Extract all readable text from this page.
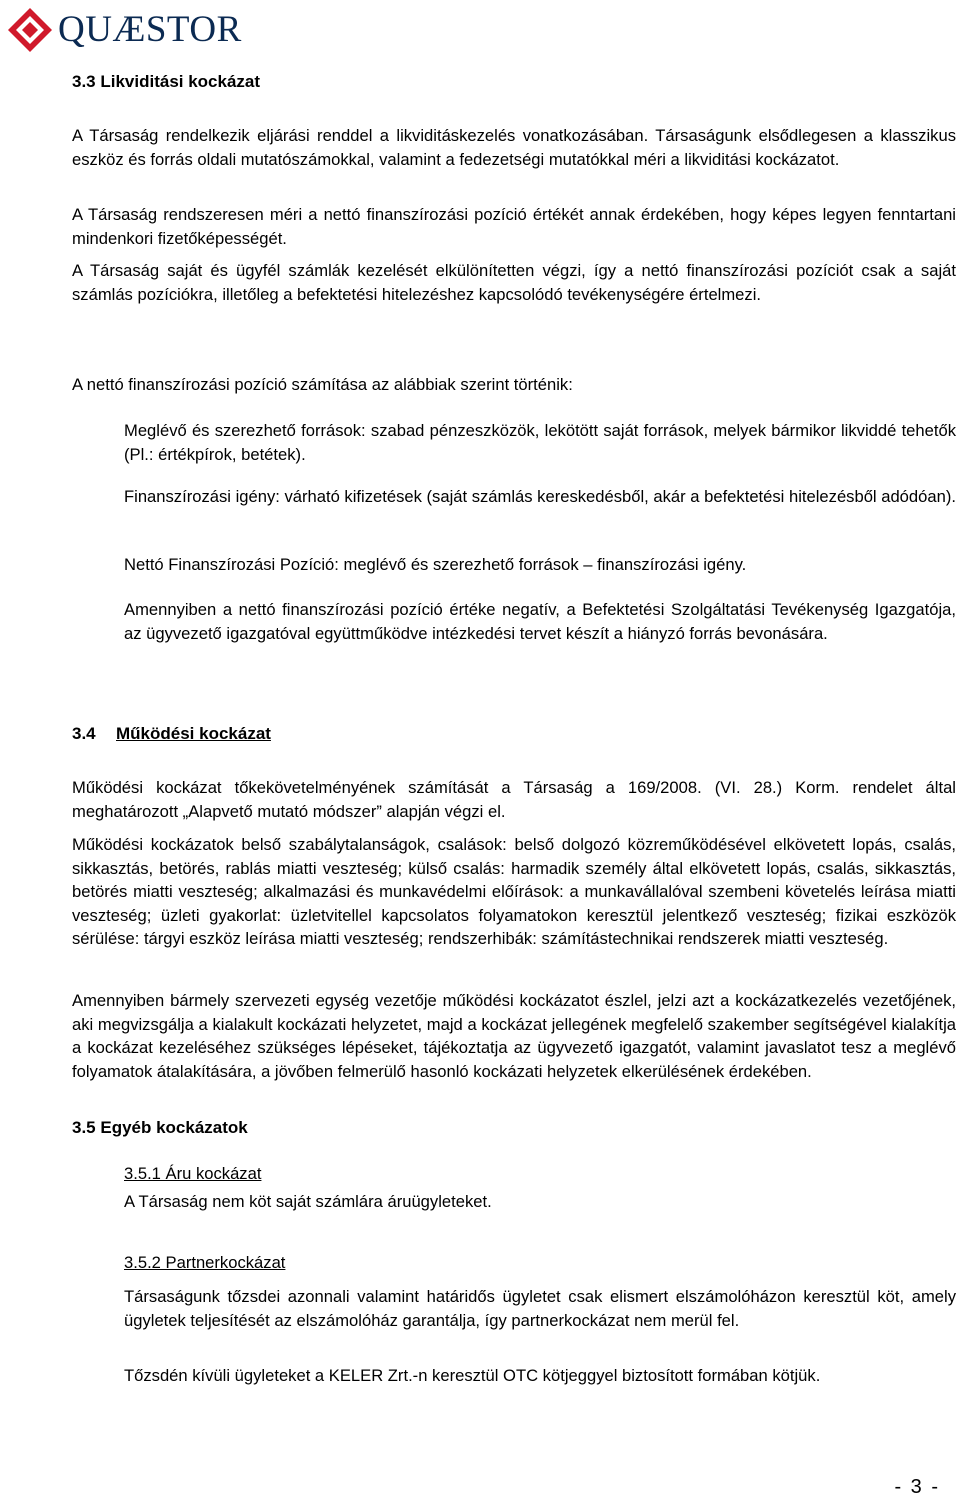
QUÆSTOR
3.3 Likviditási kockázat

A Társaság rendelkezik eljárási renddel a likviditáskezelés vonatkozásában. Társaságunk elsődlegesen a klasszikus eszköz és forrás oldali mutatószámokkal, valamint a fedezetségi mutatókkal méri a likviditási kockázatot.

A Társaság rendszeresen méri a nettó finanszírozási pozíció értékét annak érdekében, hogy képes legyen fenntartani mindenkori fizetőképességét.

A Társaság saját és ügyfél számlák kezelését elkülönítetten végzi, így a nettó finanszírozási pozíciót csak a saját számlás pozíciókra, illetőleg a befektetési hitelezéshez kapcsolódó tevékenységére értelmezi.

A nettó finanszírozási pozíció számítása az alábbiak szerint történik:

Meglévő és szerezhető források: szabad pénzeszközök, lekötött saját források, melyek bármikor likviddé tehetők (Pl.: értékpírok, betétek).

Finanszírozási igény: várható kifizetések (saját számlás kereskedésből, akár a befektetési hitelezésből adódóan).

Nettó Finanszírozási Pozíció: meglévő és szerezhető források – finanszírozási igény.

Amennyiben a nettó finanszírozási pozíció értéke negatív, a Befektetési Szolgáltatási Tevékenység Igazgatója, az ügyvezető igazgatóval együttműködve intézkedési tervet készít a hiányzó forrás bevonására.

3.4 Működési kockázat

Működési kockázat tőkekövetelményének számítását a Társaság a 169/2008. (VI. 28.) Korm. rendelet által meghatározott „Alapvető mutató módszer” alapján végzi el.

Működési kockázatok belső szabálytalanságok, csalások: belső dolgozó közreműködésével elkövetett lopás, csalás, sikkasztás, betörés, rablás miatti veszteség; külső csalás: harmadik személy által elkövetett lopás, csalás, sikkasztás, betörés miatti veszteség; alkalmazási és munkavédelmi előírások: a munkavállalóval szembeni követelés leírása miatti veszteség; üzleti gyakorlat: üzletvitellel kapcsolatos folyamatokon keresztül jelentkező veszteség; fizikai eszközök sérülése: tárgyi eszköz leírása miatti veszteség; rendszerhibák: számítástechnikai rendszerek miatti veszteség.

Amennyiben bármely szervezeti egység vezetője működési kockázatot észlel, jelzi azt a kockázatkezelés vezetőjének, aki megvizsgálja a kialakult kockázati helyzetet, majd a kockázat jellegének megfelelő szakember segítségével kialakítja a kockázat kezeléséhez szükséges lépéseket, tájékoztatja az ügyvezető igazgatót, valamint javaslatot tesz a meglévő folyamatok átalakítására, a jövőben felmerülő hasonló kockázati helyzetek elkerülésének érdekében.

3.5 Egyéb kockázatok
3.5.1 Áru kockázat

A Társaság nem köt saját számlára áruügyleteket.

3.5.2 Partnerkockázat

Társaságunk tőzsdei azonnali valamint határidős ügyletet csak elismert elszámolóházon keresztül köt, amely ügyletek teljesítését az elszámolóház garantálja, így partnerkockázat nem merül fel.

Tőzsdén kívüli ügyleteket a KELER Zrt.-n keresztül OTC kötjeggyel biztosított formában kötjük.

- 3 -
